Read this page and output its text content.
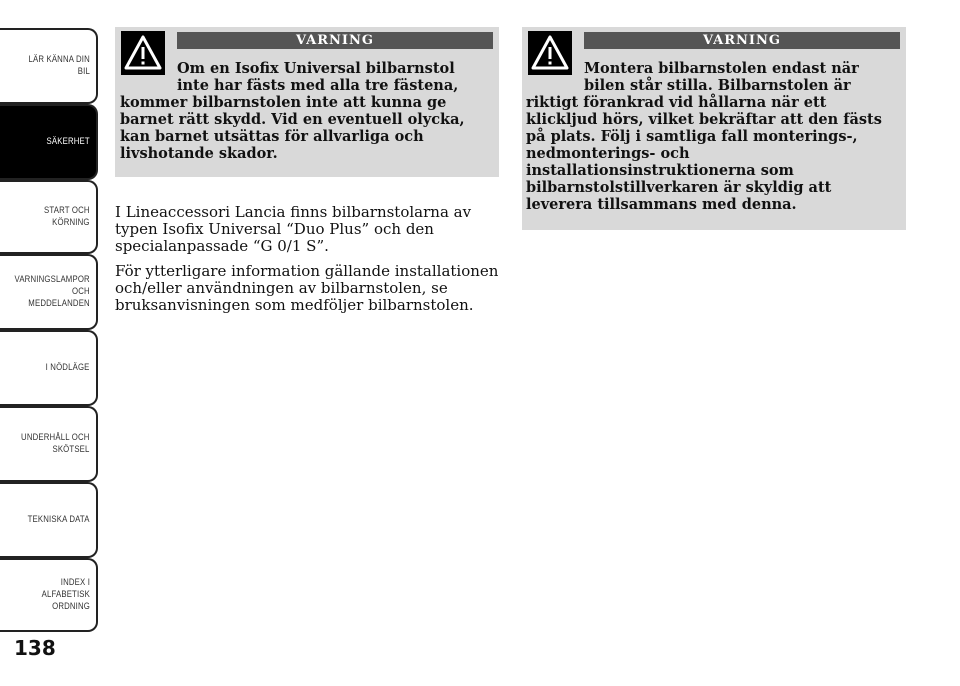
LÄR KÄNNA DIN
BIL
SÄKERHET
START OCH
KÖRNING
VARNINGSLAMPOR
OCH
MEDDELANDEN
I NÖDLÄGE
UNDERHÅLL OCH
SKÖTSEL
TEKNISKA DATA
INDEX I
ALFABETISK
ORDNING
138
VARNING
Om en Isofix Universal bilbarnstol inte har fästs med alla tre fästena,
kommer bilbarnstolen inte att kunna ge barnet rätt skydd. Vid en eventuell olycka, kan barnet utsättas för allvarliga och livshotande skador.

I Lineaccessori Lancia finns bilbarnstolarna av typen Isofix Universal “Duo Plus” och den specialanpassade “G 0/1 S”.

För ytterligare information gällande installationen och/eller användningen av bilbarnstolen, se bruksanvisningen som medföljer bilbarnstolen.

VARNING
Montera bilbarnstolen endast när bilen står stilla. Bilbarnstolen är
riktigt förankrad vid hållarna när ett klickljud hörs, vilket bekräftar att den fästs på plats. Följ i samtliga fall monterings-, nedmonterings- och installationsinstruktionerna som bilbarnstolstillverkaren är skyldig att leverera tillsammans med denna.
